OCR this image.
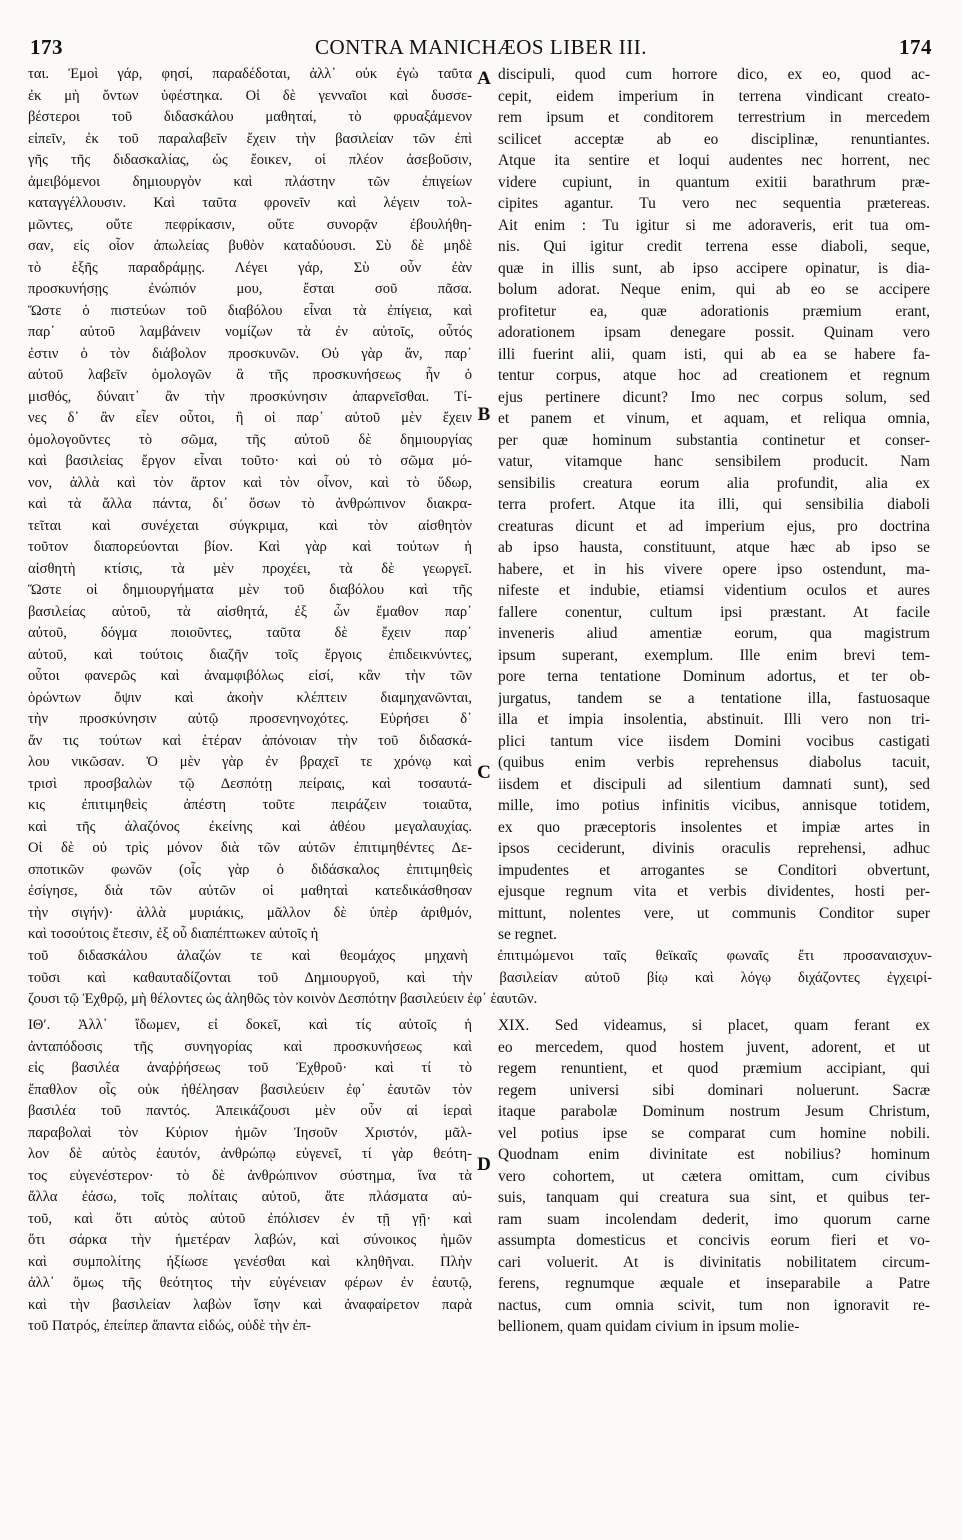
173	CONTRA MANICHÆOS LIBER III.	174
ται. Ἐμοὶ γάρ, φησί, παραδέδοται, ἀλλ᾿ οὐκ ἐγὼ ταῦτα
ἐκ μὴ ὄντων ὑφέστηκα. Οἱ δὲ γενναῖοι καὶ δυσσε-
βέστεροι τοῦ διδασκάλου μαθηταί, τὸ φρυαξάμενον
εἰπεῖν, ἐκ τοῦ παραλαβεῖν ἔχειν τὴν βασιλείαν τῶν ἐπὶ
γῆς τῆς διδασκαλίας, ὡς ἔοικεν, οἱ πλέον ἀσεβοῦσιν,
ἀμειβόμενοι δημιουργὸν καὶ πλάστην τῶν ἐπιγείων
καταγγέλλουσιν. Καὶ ταῦτα φρονεῖν καὶ λέγειν τολ-
μῶντες, οὔτε πεφρίκασιν, οὔτε συνορᾷν ἐβουλήθη-
σαν, εἰς οἷον ἀπωλείας βυθὸν καταδύουσι. Σὺ δὲ μηδὲ
τὸ ἑξῆς παραδράμῃς. Λέγει γάρ, Σὺ οὖν ἐὰν
προσκυνήσῃς ἐνώπιόν μου, ἔσται σοῦ πᾶσα.
Ὥστε ὁ πιστεύων τοῦ διαβόλου εἶναι τὰ ἐπίγεια, καὶ
παρ᾿ αὐτοῦ λαμβάνειν νομίζων τὰ ἐν αὐτοῖς, οὗτός
ἐστιν ὁ τὸν διάβολον προσκυνῶν. Οὐ γὰρ ἄν, παρ᾿
αὐτοῦ λαβεῖν ὁμολογῶν ἃ τῆς προσκυνήσεως ἦν ὁ
μισθός, δύναιτ᾿ ἂν τὴν προσκύνησιν ἀπαρνεῖσθαι. Τί-
νες δ᾿ ἂν εἶεν οὗτοι, ἢ οἱ παρ᾿ αὐτοῦ μὲν ἔχειν
ὁμολογοῦντες τὸ σῶμα, τῆς αὐτοῦ δὲ δημιουργίας
καὶ βασιλείας ἔργον εἶναι τοῦτο· καὶ οὐ τὸ σῶμα μό-
νον, ἀλλὰ καὶ τὸν ἄρτον καὶ τὸν οἶνον, καὶ τὸ ὕδωρ,
καὶ τὰ ἄλλα πάντα, δι᾿ ὅσων τὸ ἀνθρώπινον διακρα-
τεῖται καὶ συνέχεται σύγκριμα, καὶ τὸν αἰσθητὸν
τοῦτον διαπορεύονται βίον. Καὶ γὰρ καὶ τούτων ἡ
αἰσθητὴ κτίσις, τὰ μὲν προχέει, τὰ δὲ γεωργεῖ.
Ὥστε οἱ δημιουργήματα μὲν τοῦ διαβόλου καὶ τῆς
βασιλείας αὐτοῦ, τὰ αἰσθητά, ἐξ ὧν ἔμαθον παρ᾿
αὐτοῦ, δόγμα ποιοῦντες, ταῦτα δὲ ἔχειν παρ᾿
αὐτοῦ, καὶ τούτοις διαζῆν τοῖς ἔργοις ἐπιδεικνύντες,
οὗτοι φανερῶς καὶ ἀναμφιβόλως εἰσί, κἂν τὴν τῶν
ὁρώντων ὄψιν καὶ ἀκοὴν κλέπτειν διαμηχανῶνται,
τὴν προσκύνησιν αὐτῷ προσενηνοχότες. Εὑρήσει δ᾿
ἄν τις τούτων καὶ ἑτέραν ἀπόνοιαν τὴν τοῦ διδασκά-
λου νικῶσαν. Ὁ μὲν γὰρ ἐν βραχεῖ τε χρόνῳ καὶ
τρισὶ προσβαλὼν τῷ Δεσπότῃ πείραις, καὶ τοσαυτά-
κις ἐπιτιμηθεὶς ἀπέστη τοῦτε πειράζειν τοιαῦτα,
καὶ τῆς ἀλαζόνος ἐκείνης καὶ ἀθέου μεγαλαυχίας.
Οἱ δὲ οὐ τρὶς μόνον διὰ τῶν αὐτῶν ἐπιτιμηθέντες Δε-
σποτικῶν φωνῶν (οἷς γὰρ ὁ διδάσκαλος ἐπιτιμηθεὶς
ἐσίγησε, διὰ τῶν αὐτῶν οἱ μαθηταὶ κατεδικάσθησαν
τὴν σιγήν)· ἀλλὰ μυριάκις, μᾶλλον δὲ ὑπὲρ ἀριθμόν,
καὶ τοσούτοις ἔτεσιν, ἐξ οὗ διαπέπτωκεν αὐτοῖς ἡ
discipuli, quod cum horrore dico, ex eo, quod ac-
cepit, eidem imperium in terrena vindicant creato-
rem ipsum et conditorem terrestrium in mercedem
scilicet acceptæ ab eo disciplinæ, renuntiantes.
Atque ita sentire et loqui audentes nec horrent, nec
videre cupiunt, in quantum exitii barathrum præ-
cipites agantur. Tu vero nec sequentia prætereas.
Ait enim : Tu igitur si me adoraveris, erit tua om-
nis. Qui igitur credit terrena esse diaboli, seque,
quæ in illis sunt, ab ipso accipere opinatur, is dia-
bolum adorat. Neque enim, qui ab eo se accipere
profitetur ea, quæ adorationis præmium erant,
adorationem ipsam denegare possit. Quinam vero
illi fuerint alii, quam isti, qui ab ea se habere fa-
tentur corpus, atque hoc ad creationem et regnum
ejus pertinere dicunt? Imo nec corpus solum, sed
et panem et vinum, et aquam, et reliqua omnia,
per quæ hominum substantia continetur et conser-
vatur, vitamque hanc sensibilem producit. Nam
sensibilis creatura eorum alia profundit, alia ex
terra profert. Atque ita illi, qui sensibilia diaboli
creaturas dicunt et ad imperium ejus, pro doctrina
ab ipso hausta, constituunt, atque hæc ab ipso se
habere, et in his vivere opere ipso ostendunt, ma-
nifeste et indubie, etiamsi videntium oculos et aures
fallere conentur, cultum ipsi præstant. At facile
inveneris aliud amentiæ eorum, qua magistrum
ipsum superant, exemplum. Ille enim brevi tem-
pore terna tentatione Dominum adortus, et ter ob-
jurgatus, tandem se a tentatione illa, fastuosaque
illa et impia insolentia, abstinuit. Illi vero non tri-
plici tantum vice iisdem Domini vocibus castigati
(quibus enim verbis reprehensus diabolus tacuit,
iisdem et discipuli ad silentium damnati sunt), sed
mille, imo potius infinitis vicibus, annisque totidem,
ex quo præceptoris insolentes et impiæ artes in
ipsos ceciderunt, divinis oraculis reprehensi, adhuc
impudentes et arrogantes se Conditori obvertunt,
ejusque regnum vita et verbis dividentes, hosti per-
mittunt, nolentes vere, ut communis Conditor super
se regnet.
A
B
C
D
τοῦ διδασκάλου ἀλαζών τε καὶ θεομάχος μηχανὴ ἐπιτιμώμενοι ταῖς θεϊκαῖς φωναῖς ἔτι προσαναισχυν-
τοῦσι καὶ καθαυταδίζονται τοῦ Δημιουργοῦ, καὶ τὴν βασιλείαν αὐτοῦ βίῳ καὶ λόγῳ διχάζοντες ἐγχειρί-
ζουσι τῷ Ἐχθρῷ, μὴ θέλοντες ὡς ἀληθῶς τὸν κοινὸν Δεσπότην βασιλεύειν ἐφ᾿ ἑαυτῶν.
ΙΘʹ. Ἀλλ᾿ ἴδωμεν, εἰ δοκεῖ, καὶ τίς αὐτοῖς ἡ
ἀνταπόδοσις τῆς συνηγορίας καὶ προσκυνήσεως καὶ
εἰς βασιλέα ἀναῤῥήσεως τοῦ Ἐχθροῦ· καὶ τί τὸ
ἔπαθλον οἷς οὐκ ἠθέλησαν βασιλεύειν ἐφ᾿ ἑαυτῶν τὸν
βασιλέα τοῦ παντός. Ἀπεικάζουσι μὲν οὖν αἱ ἱεραὶ
παραβολαὶ τὸν Κύριον ἡμῶν Ἰησοῦν Χριστόν, μᾶλ-
λον δὲ αὐτὸς ἑαυτόν, ἀνθρώπῳ εὐγενεῖ, τί γὰρ θεότη-
τος εὐγενέστερον· τὸ δὲ ἀνθρώπινον σύστημα, ἵνα τὰ
ἄλλα ἐάσω, τοῖς πολίταις αὐτοῦ, ἅτε πλάσματα αὐ-
τοῦ, καὶ ὅτι αὐτὸς αὐτοῦ ἐπόλισεν ἐν τῇ γῇ· καὶ
ὅτι σάρκα τὴν ἡμετέραν λαβών, καὶ σύνοικος ἡμῶν
καὶ συμπολίτης ἠξίωσε γενέσθαι καὶ κληθῆναι. Πλὴν
ἀλλ᾿ ὅμως τῆς θεότητος τὴν εὐγένειαν φέρων ἐν ἑαυτῷ,
καὶ τὴν βασιλείαν λαβὼν ἴσην καὶ ἀναφαίρετον παρὰ
τοῦ Πατρός, ἐπείπερ ἅπαντα εἰδώς, οὐδὲ τὴν ἐπ-
XIX. Sed videamus, si placet, quam ferant ex
eo mercedem, quod hostem juvent, adorent, et ut
regem renuntient, et quod præmium accipiant, qui
regem universi sibi dominari noluerunt. Sacræ
itaque parabolæ Dominum nostrum Jesum Christum,
vel potius ipse se comparat cum homine nobili.
Quodnam enim divinitate est nobilius? hominum
vero cohortem, ut cætera omittam, cum civibus
suis, tanquam qui creatura sua sint, et quibus ter-
ram suam incolendam dederit, imo quorum carne
assumpta domesticus et concivis eorum fieri et vo-
cari voluerit. At is divinitatis nobilitatem circum-
ferens, regnumque æquale et inseparabile a Patre
nactus, cum omnia scivit, tum non ignoravit re-
bellionem, quam quidam civium in ipsum molie-
